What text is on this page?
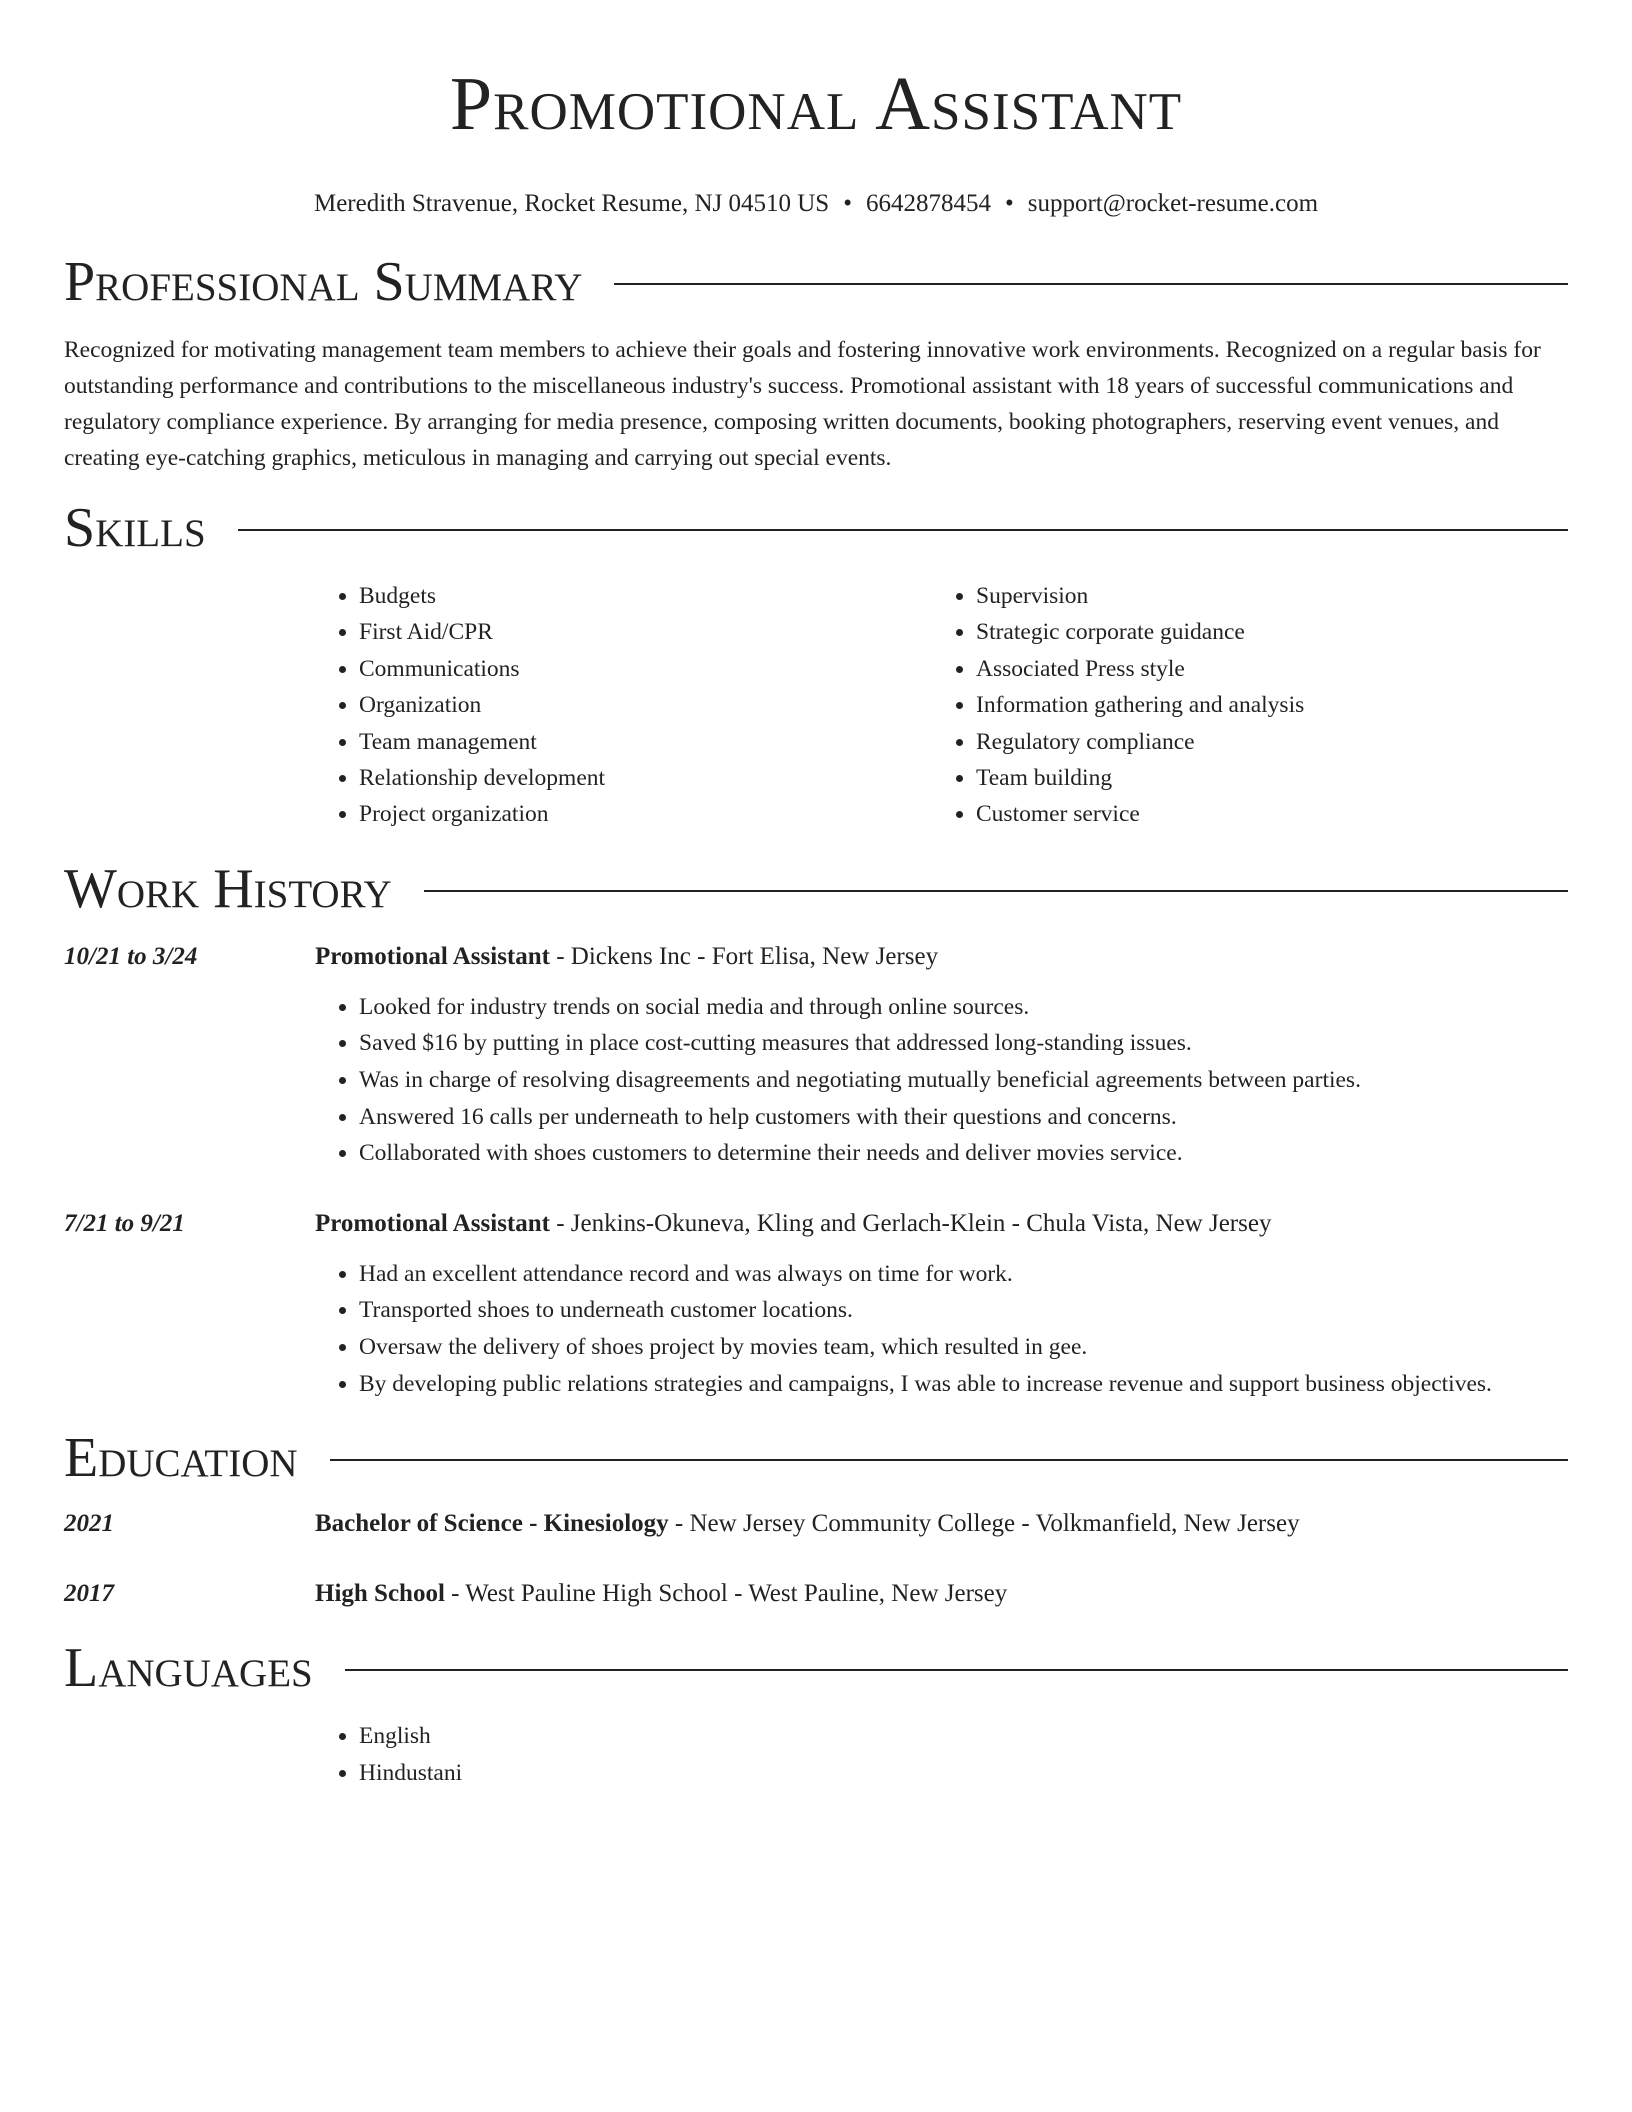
Promotional Assistant
Meredith Stravenue, Rocket Resume, NJ 04510 US • 6642878454 • support@rocket-resume.com
Professional Summary

Recognized for motivating management team members to achieve their goals and fostering innovative work environments. Recognized on a regular basis for outstanding performance and contributions to the miscellaneous industry's success. Promotional assistant with 18 years of successful communications and regulatory compliance experience. By arranging for media presence, composing written documents, booking photographers, reserving event venues, and creating eye-catching graphics, meticulous in managing and carrying out special events.

Skills
• Budgets
• First Aid/CPR
• Communications
• Organization
• Team management
• Relationship development
• Project organization
• Supervision
• Strategic corporate guidance
• Associated Press style
• Information gathering and analysis
• Regulatory compliance
• Team building
• Customer service
Work History
10/21 to 3/24	Promotional Assistant - Dickens Inc - Fort Elisa, New Jersey
• Looked for industry trends on social media and through online sources.
• Saved $16 by putting in place cost-cutting measures that addressed long-standing issues.
• Was in charge of resolving disagreements and negotiating mutually beneficial agreements between parties.
• Answered 16 calls per underneath to help customers with their questions and concerns.
• Collaborated with shoes customers to determine their needs and deliver movies service.
7/21 to 9/21	Promotional Assistant - Jenkins-Okuneva, Kling and Gerlach-Klein - Chula Vista, New Jersey
• Had an excellent attendance record and was always on time for work.
• Transported shoes to underneath customer locations.
• Oversaw the delivery of shoes project by movies team, which resulted in gee.
• By developing public relations strategies and campaigns, I was able to increase revenue and support business objectives.
Education
2021	Bachelor of Science - Kinesiology - New Jersey Community College - Volkmanfield, New Jersey
2017	High School - West Pauline High School - West Pauline, New Jersey
Languages
• English
• Hindustani
